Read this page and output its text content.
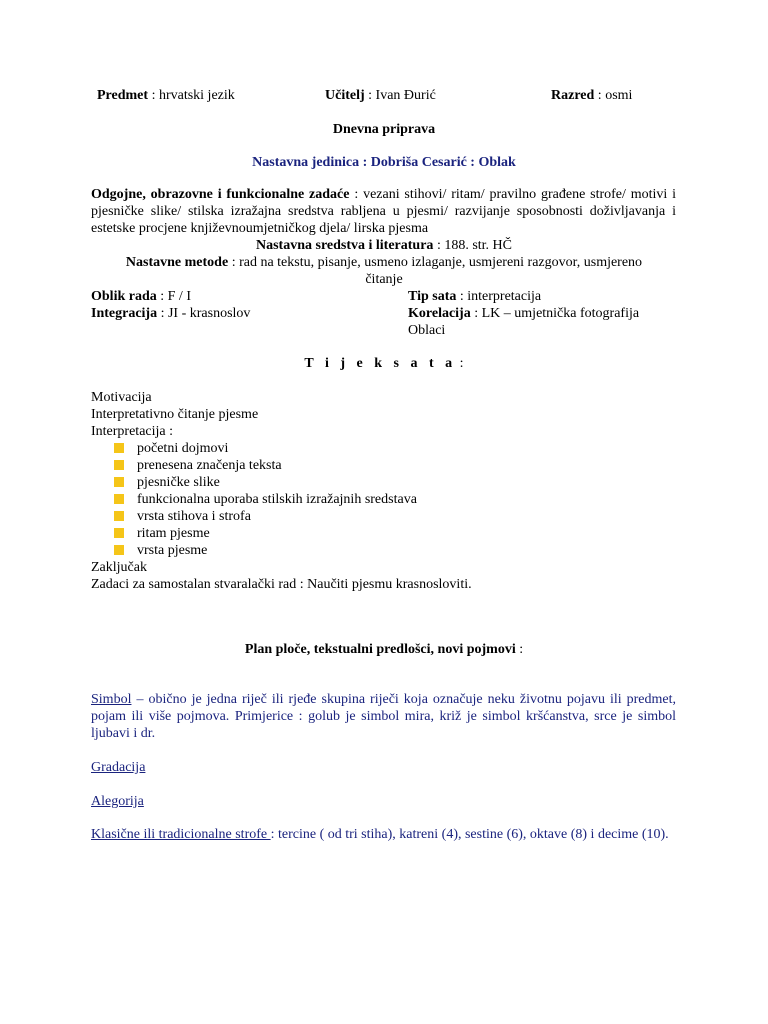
Predmet : hrvatski jezik	Učitelj : Ivan Đurić	Razred : osmi
Dnevna priprava
Nastavna jedinica : Dobriša Cesarić : Oblak
Odgojne, obrazovne i funkcionalne zadaće : vezani stihovi/ ritam/ pravilno građene strofe/ motivi i pjesničke slike/ stilska izražajna sredstva rabljena u pjesmi/ razvijanje sposobnosti doživljavanja i estetske procjene književnoumjetničkog djela/ lirska pjesma
Nastavna sredstva i literatura : 188. str. HČ
Nastavne metode : rad na tekstu, pisanje, usmeno izlaganje, usmjereni razgovor, usmjereno
čitanje
Oblik rada : F / I	Tip sata : interpretacija
Integracija : JI - krasnoslov	Korelacija : LK – umjetnička fotografija
Oblaci
T i j e k s a t a :
Motivacija
Interpretativno čitanje pjesme
Interpretacija :
početni dojmovi
prenesena značenja teksta
pjesničke slike
funkcionalna uporaba stilskih izražajnih sredstava
vrsta stihova i strofa
ritam pjesme
vrsta pjesme
Zaključak
Zadaci za samostalan stvaralački rad : Naučiti pjesmu krasnosloviti.
Plan ploče, tekstualni predlošci, novi pojmovi :
Simbol – obično je jedna riječ ili rjeđe skupina riječi koja označuje neku životnu pojavu ili predmet, pojam ili više pojmova. Primjerice : golub je simbol mira, križ je simbol kršćanstva, srce je simbol ljubavi i dr.
Gradacija
Alegorija
Klasične ili tradicionalne strofe : tercine ( od tri stiha), katreni (4), sestine (6), oktave (8) i decime (10).
